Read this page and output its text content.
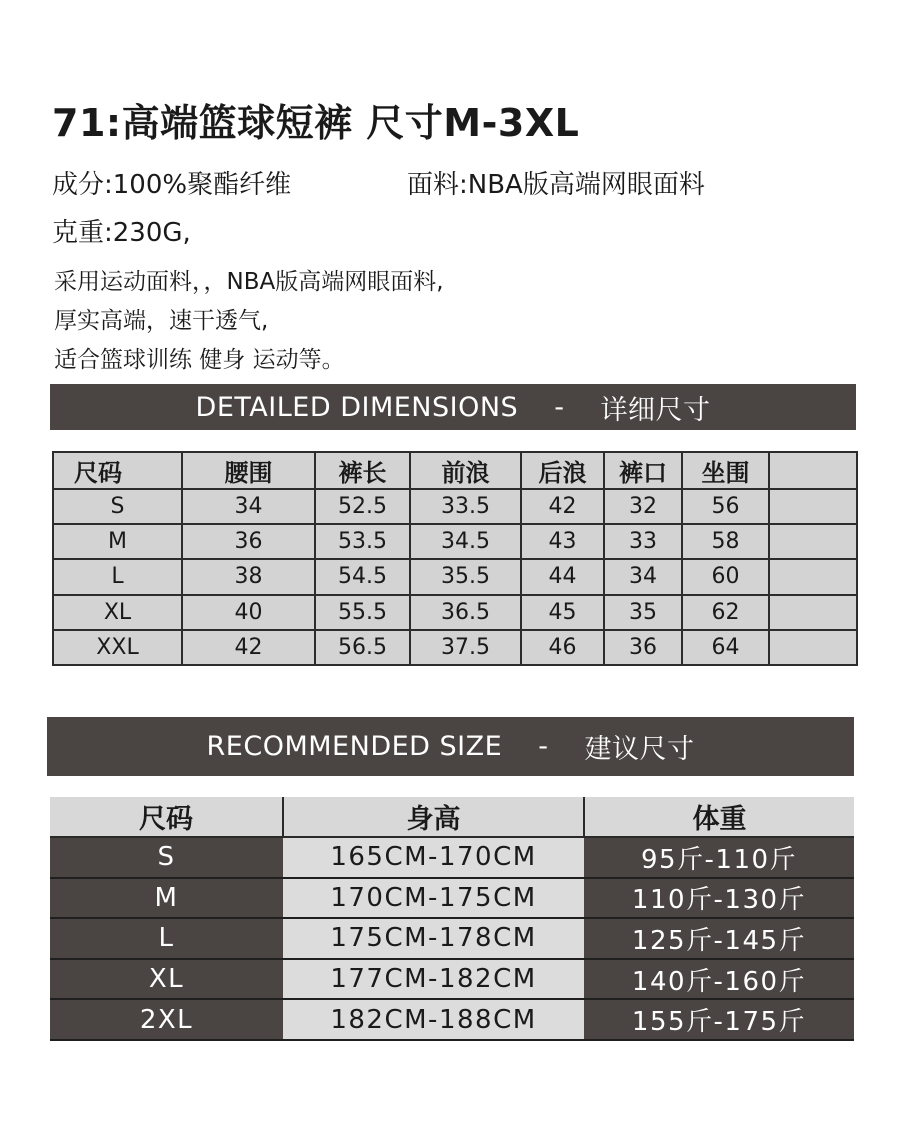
71:高端篮球短裤 尺寸M-3XL
成分:100%聚酯纤维	面料:NBA版高端网眼面料
克重:230G,
采用运动面料，，NBA版高端网眼面料,
厚实高端，速干透气,
适合篮球训练 健身 运动等。
DETAILED DIMENSIONS - 详细尺寸
尺码	腰围	裤长	前浪	后浪	裤口	坐围	
S	34	52.5	33.5	42	32	56	
M	36	53.5	34.5	43	33	58	
L	38	54.5	35.5	44	34	60	
XL	40	55.5	36.5	45	35	62	
XXL	42	56.5	37.5	46	36	64	
RECOMMENDED SIZE - 建议尺寸
尺码	身高	体重
S	165CM-170CM	95斤-110斤
M	170CM-175CM	110斤-130斤
L	175CM-178CM	125斤-145斤
XL	177CM-182CM	140斤-160斤
2XL	182CM-188CM	155斤-175斤
